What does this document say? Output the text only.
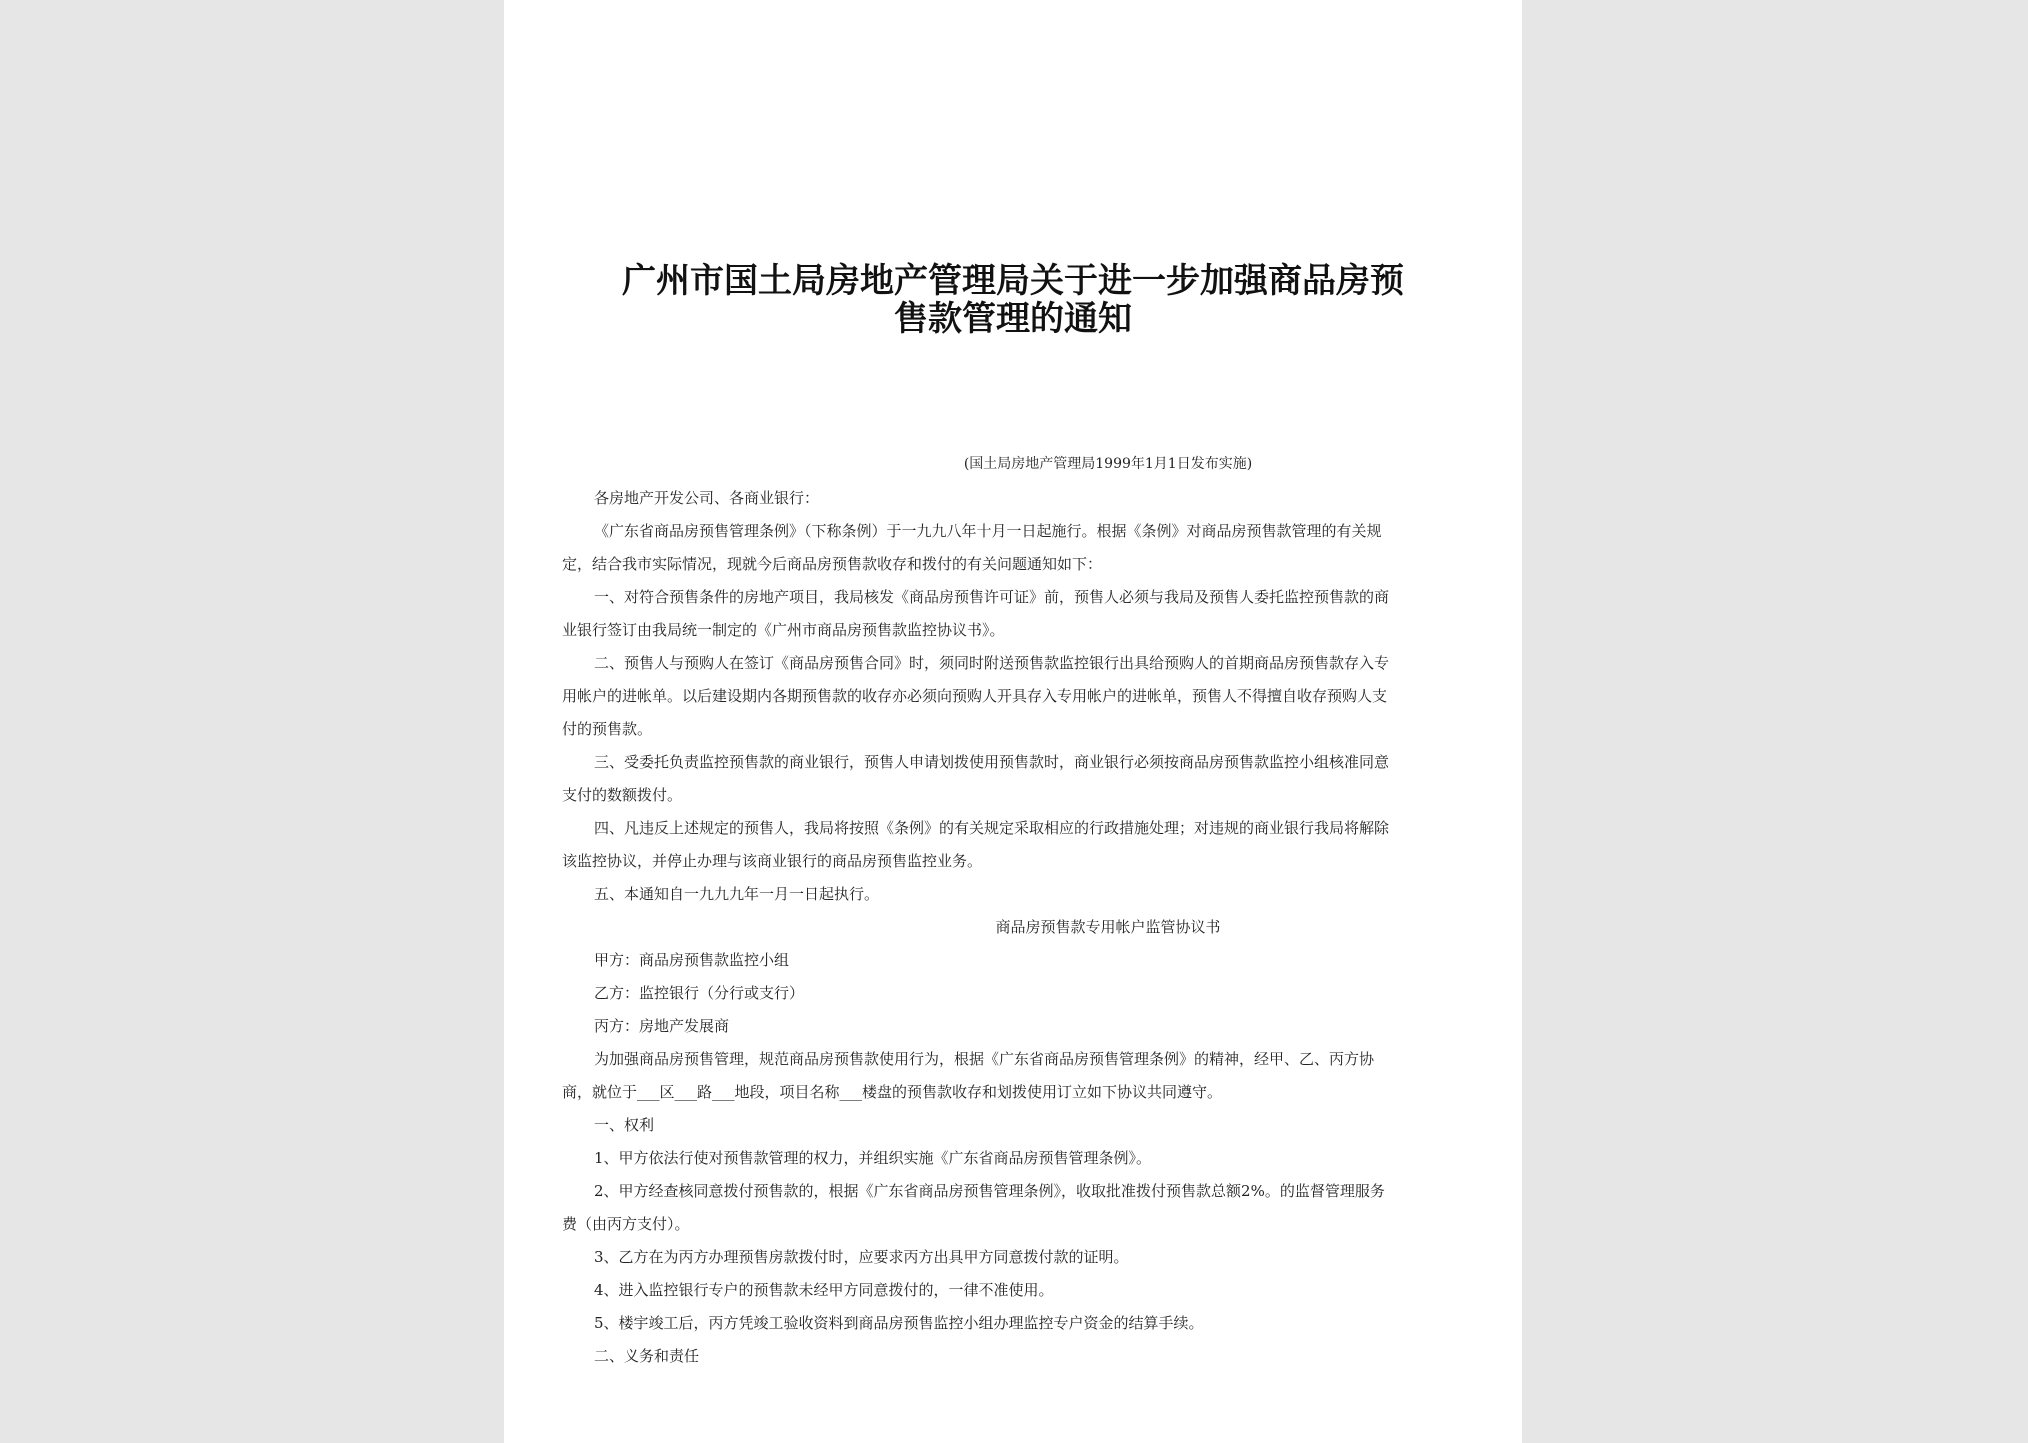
广州市国土局房地产管理局关于进一步加强商品房预
售款管理的通知
(国土局房地产管理局1999年1月1日发布实施)
各房地产开发公司、各商业银行：
《广东省商品房预售管理条例》（下称条例）于一九九八年十月一日起施行。根据《条例》对商品房预售款管理的有关规
定，结合我市实际情况，现就今后商品房预售款收存和拨付的有关问题通知如下：
一、对符合预售条件的房地产项目，我局核发《商品房预售许可证》前，预售人必须与我局及预售人委托监控预售款的商
业银行签订由我局统一制定的《广州市商品房预售款监控协议书》。
二、预售人与预购人在签订《商品房预售合同》时，须同时附送预售款监控银行出具给预购人的首期商品房预售款存入专
用帐户的进帐单。以后建设期内各期预售款的收存亦必须向预购人开具存入专用帐户的进帐单，预售人不得擅自收存预购人支
付的预售款。
三、受委托负责监控预售款的商业银行，预售人申请划拨使用预售款时，商业银行必须按商品房预售款监控小组核准同意
支付的数额拨付。
四、凡违反上述规定的预售人，我局将按照《条例》的有关规定采取相应的行政措施处理；对违规的商业银行我局将解除
该监控协议，并停止办理与该商业银行的商品房预售监控业务。
五、本通知自一九九九年一月一日起执行。
商品房预售款专用帐户监管协议书
甲方：商品房预售款监控小组
乙方：监控银行（分行或支行）
丙方：房地产发展商
为加强商品房预售管理，规范商品房预售款使用行为，根据《广东省商品房预售管理条例》的精神，经甲、乙、丙方协
商，就位于___区___路___地段，项目名称___楼盘的预售款收存和划拨使用订立如下协议共同遵守。
一、权利
1、甲方依法行使对预售款管理的权力，并组织实施《广东省商品房预售管理条例》。
2、甲方经查核同意拨付预售款的，根据《广东省商品房预售管理条例》，收取批准拨付预售款总额2%。的监督管理服务
费（由丙方支付）。
3、乙方在为丙方办理预售房款拨付时，应要求丙方出具甲方同意拨付款的证明。
4、进入监控银行专户的预售款未经甲方同意拨付的，一律不准使用。
5、楼宇竣工后，丙方凭竣工验收资料到商品房预售监控小组办理监控专户资金的结算手续。
二、义务和责任
